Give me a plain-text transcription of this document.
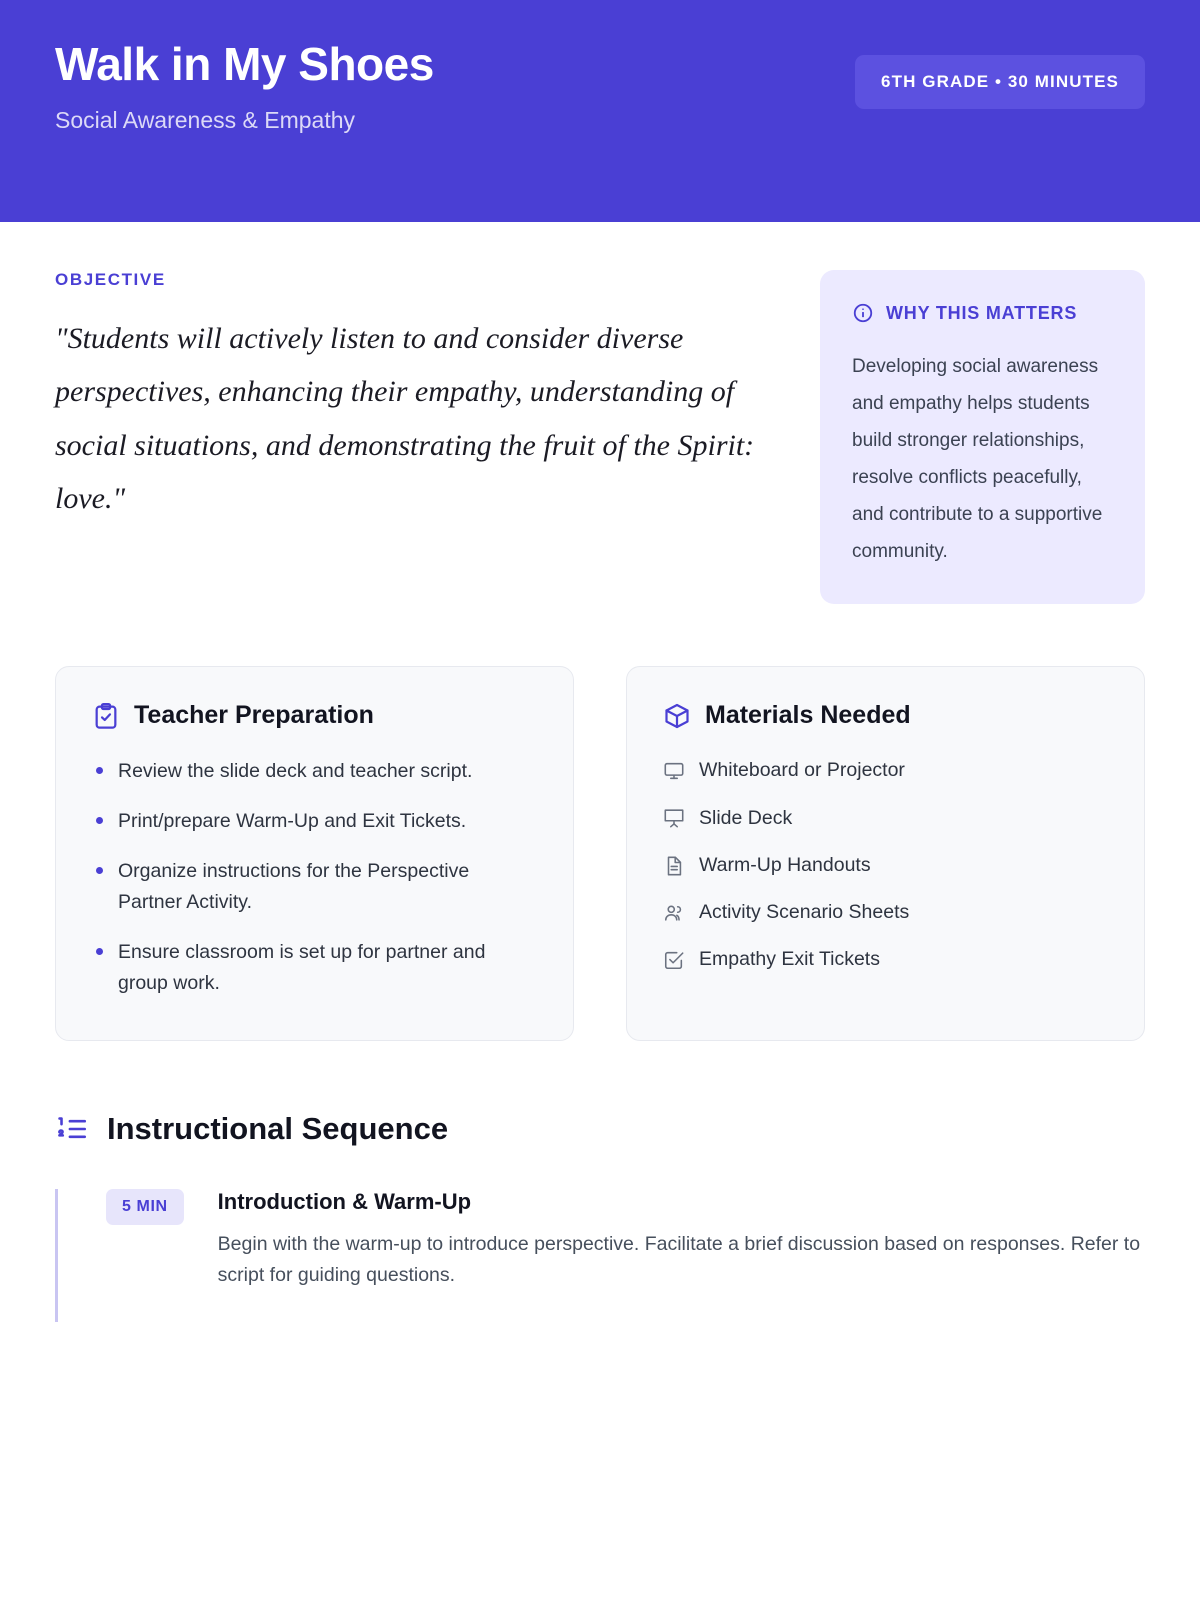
Walk in My Shoes
Social Awareness & Empathy
6TH GRADE • 30 MINUTES
OBJECTIVE
"Students will actively listen to and consider diverse perspectives, enhancing their empathy, understanding of social situations, and demonstrating the fruit of the Spirit: love."
WHY THIS MATTERS
Developing social awareness and empathy helps students build stronger relationships, resolve conflicts peacefully, and contribute to a supportive community.
Teacher Preparation
Review the slide deck and teacher script.
Print/prepare Warm-Up and Exit Tickets.
Organize instructions for the Perspective Partner Activity.
Ensure classroom is set up for partner and group work.
Materials Needed
Whiteboard or Projector
Slide Deck
Warm-Up Handouts
Activity Scenario Sheets
Empathy Exit Tickets
Instructional Sequence
5 MIN	Introduction & Warm-Up
Begin with the warm-up to introduce perspective. Facilitate a brief discussion based on responses. Refer to script for guiding questions.
